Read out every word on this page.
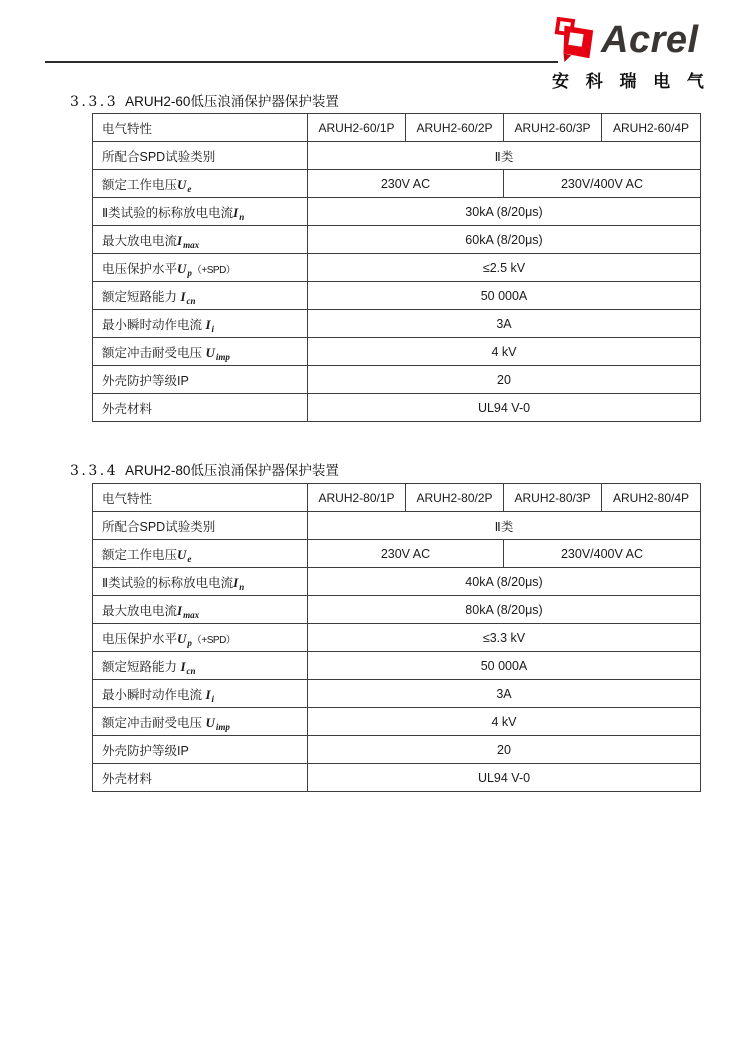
Acrel
安 科 瑞 电 气
3.3.3 ARUH2-60低压浪涌保护器保护装置
电气特性	ARUH2-60/1P	ARUH2-60/2P	ARUH2-60/3P	ARUH2-60/4P
所配合SPD试验类别	Ⅱ类			
额定工作电压$U_e$	230V AC		230V/400V AC	
Ⅱ类试验的标称放电电流$I_n$	30kA (8/20μs)			
最大放电电流$I_{max}$	60kA (8/20μs)			
电压保护水平$U_p(+SPD)$	≤2.5 kV			
额定短路能力 $I_{cn}$	50 000A			
最小瞬时动作电流 $I_i$	3A			
额定冲击耐受电压 $U_{imp}$	4 kV			
外壳防护等级IP	20			
外壳材料	UL94 V-0			
3.3.4 ARUH2-80低压浪涌保护器保护装置
电气特性	ARUH2-80/1P	ARUH2-80/2P	ARUH2-80/3P	ARUH2-80/4P
所配合SPD试验类别	Ⅱ类			
额定工作电压$U_e$	230V AC		230V/400V AC	
Ⅱ类试验的标称放电电流$I_n$	40kA (8/20μs)			
最大放电电流$I_{max}$	80kA (8/20μs)			
电压保护水平$U_p(+SPD)$	≤3.3 kV			
额定短路能力 $I_{cn}$	50 000A			
最小瞬时动作电流 $I_i$	3A			
额定冲击耐受电压 $U_{imp}$	4 kV			
外壳防护等级IP	20			
外壳材料	UL94 V-0			
